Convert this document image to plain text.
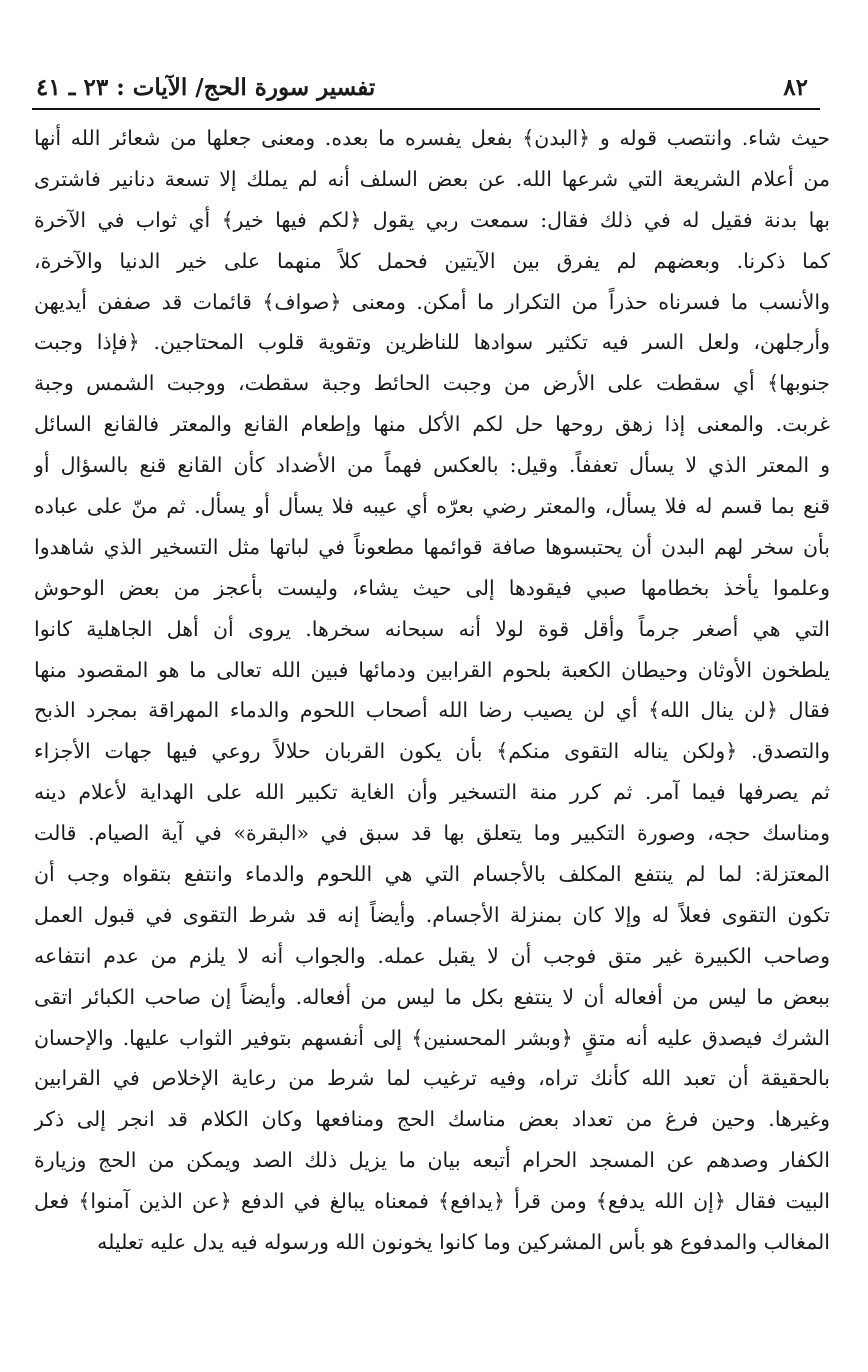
٨٢
تفسير سورة الحج/ الآيات : ٢٣ ـ ٤١
حيث شاء. وانتصب قوله و ﴿البدن﴾ بفعل يفسره ما بعده. ومعنى جعلها من شعائر الله أنها
من أعلام الشريعة التي شرعها الله. عن بعض السلف أنه لم يملك إلا تسعة دنانير فاشترى
بها بدنة فقيل له في ذلك فقال: سمعت ربي يقول ﴿لكم فيها خير﴾ أي ثواب في الآخرة
كما ذكرنا. وبعضهم لم يفرق بين الآيتين فحمل كلاً منهما على خير الدنيا والآخرة،
والأنسب ما فسرناه حذراً من التكرار ما أمكن. ومعنى ﴿صواف﴾ قائمات قد صففن أيديهن
وأرجلهن، ولعل السر فيه تكثير سوادها للناظرين وتقوية قلوب المحتاجين. ﴿فإذا وجبت
جنوبها﴾ أي سقطت على الأرض من وجبت الحائط وجبة سقطت، ووجبت الشمس وجبة
غربت. والمعنى إذا زهق روحها حل لكم الأكل منها وإطعام القانع والمعتر فالقانع السائل
و المعتر الذي لا يسأل تعففاً. وقيل: بالعكس فهماً من الأضداد كأن القانع قنع بالسؤال أو
قنع بما قسم له فلا يسأل، والمعتر رضي بعرّه أي عيبه فلا يسأل أو يسأل. ثم منّ على عباده
بأن سخر لهم البدن أن يحتبسوها صافة قوائمها مطعوناً في لباتها مثل التسخير الذي شاهدوا
وعلموا يأخذ بخطامها صبي فيقودها إلى حيث يشاء، وليست بأعجز من بعض الوحوش
التي هي أصغر جرماً وأقل قوة لولا أنه سبحانه سخرها. يروى أن أهل الجاهلية كانوا
يلطخون الأوثان وحيطان الكعبة بلحوم القرابين ودمائها فبين الله تعالى ما هو المقصود منها
فقال ﴿لن ينال الله﴾ أي لن يصيب رضا الله أصحاب اللحوم والدماء المهراقة بمجرد الذبح
والتصدق. ﴿ولكن يناله التقوى منكم﴾ بأن يكون القربان حلالاً روعي فيها جهات الأجزاء
ثم يصرفها فيما آمر. ثم كرر منة التسخير وأن الغاية تكبير الله على الهداية لأعلام دينه
ومناسك حجه، وصورة التكبير وما يتعلق بها قد سبق في «البقرة» في آية الصيام. قالت
المعتزلة: لما لم ينتفع المكلف بالأجسام التي هي اللحوم والدماء وانتفع بتقواه وجب أن
تكون التقوى فعلاً له وإلا كان بمنزلة الأجسام. وأيضاً إنه قد شرط التقوى في قبول العمل
وصاحب الكبيرة غير متق فوجب أن لا يقبل عمله. والجواب أنه لا يلزم من عدم انتفاعه
ببعض ما ليس من أفعاله أن لا ينتفع بكل ما ليس من أفعاله. وأيضاً إن صاحب الكبائر اتقى
الشرك فيصدق عليه أنه متقٍ ﴿وبشر المحسنين﴾ إلى أنفسهم بتوفير الثواب عليها. والإحسان
بالحقيقة أن تعبد الله كأنك تراه، وفيه ترغيب لما شرط من رعاية الإخلاص في القرابين
وغيرها. وحين فرغ من تعداد بعض مناسك الحج ومنافعها وكان الكلام قد انجر إلى ذكر
الكفار وصدهم عن المسجد الحرام أتبعه بيان ما يزيل ذلك الصد ويمكن من الحج وزيارة
البيت فقال ﴿إن الله يدفع﴾ ومن قرأ ﴿يدافع﴾ فمعناه يبالغ في الدفع ﴿عن الذين آمنوا﴾ فعل
المغالب والمدفوع هو بأس المشركين وما كانوا يخونون الله ورسوله فيه يدل عليه تعليله
